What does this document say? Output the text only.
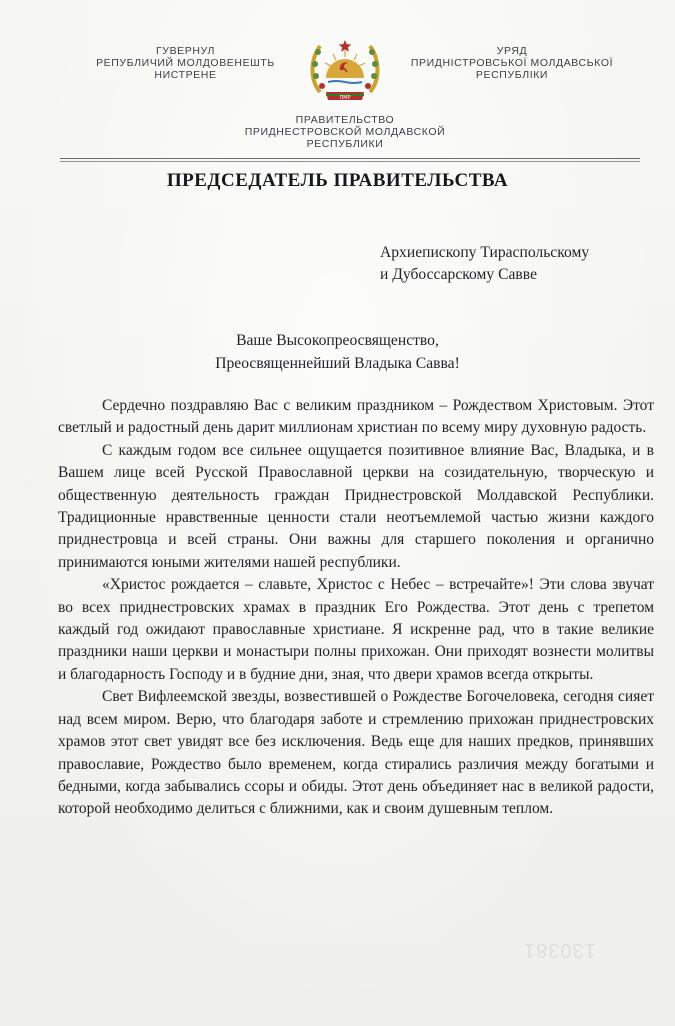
ГУВЕРНУЛ
РЕПУБЛИЧИЙ МОЛДОВЕНЕШТЬ
НИСТРЕНЕ
ПМР
УРЯД
ПРИДНІСТРОВСЬКОЇ МОЛДАВСЬКОЇ
РЕСПУБЛІКИ
ПРАВИТЕЛЬСТВО
ПРИДНЕСТРОВСКОЙ МОЛДАВСКОЙ
РЕСПУБЛИКИ
ПРЕДСЕДАТЕЛЬ ПРАВИТЕЛЬСТВА
Архиепископу Тираспольскому
и Дубоссарскому Савве
Ваше Высокопреосвященство,
Преосвященнейший Владыка Савва!

Сердечно поздравляю Вас с великим праздником – Рождеством Христовым. Этот светлый и радостный день дарит миллионам христиан по всему миру духовную радость.

С каждым годом все сильнее ощущается позитивное влияние Вас, Владыка, и в Вашем лице всей Русской Православной церкви на созидательную, творческую и общественную деятельность граждан Приднестровской Молдавской Республики. Традиционные нравственные ценности стали неотъемлемой частью жизни каждого приднестровца и всей страны. Они важны для старшего поколения и органично принимаются юными жителями нашей республики.

«Христос рождается – славьте, Христос с Небес – встречайте»! Эти слова звучат во всех приднестровских храмах в праздник Его Рождества. Этот день с трепетом каждый год ожидают православные христиане. Я искренне рад, что в такие великие праздники наши церкви и монастыри полны прихожан. Они приходят вознести молитвы и благодарность Господу и в будние дни, зная, что двери храмов всегда открыты.

Свет Вифлеемской звезды, возвестившей о Рождестве Богочеловека, сегодня сияет над всем миром. Верю, что благодаря заботе и стремлению прихожан приднестровских храмов этот свет увидят все без исключения. Ведь еще для наших предков, принявших православие, Рождество было временем, когда стирались различия между богатыми и бедными, когда забывались ссоры и обиды. Этот день объединяет нас в великой радости, которой необходимо делиться с ближними, как и своим душевным теплом.

130381
